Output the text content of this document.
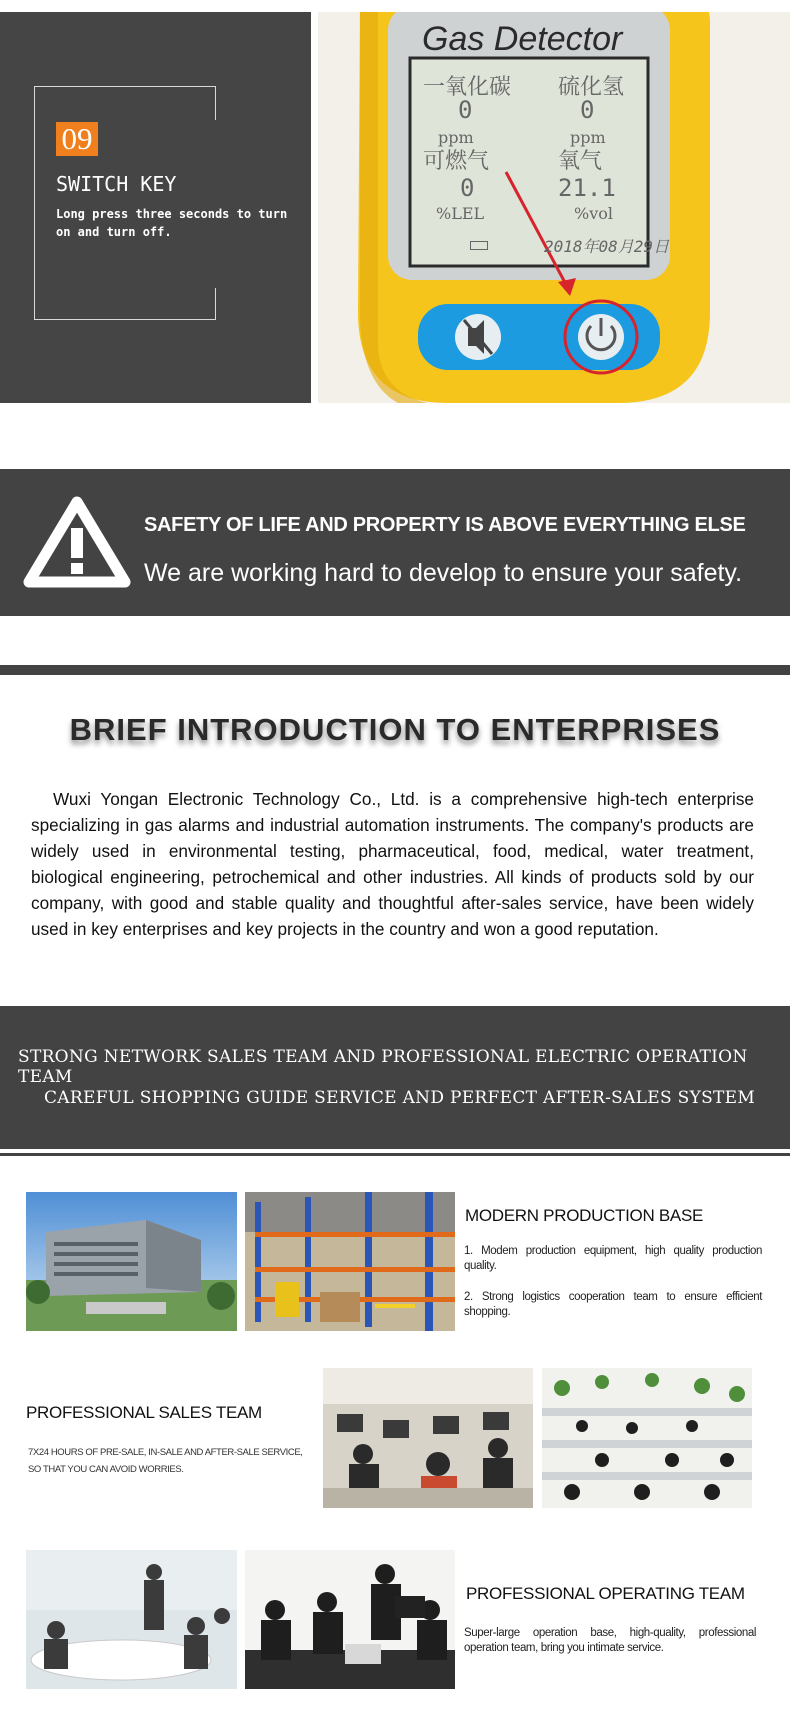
09
SWITCH KEY
Long press three seconds to turn on and turn off.
Gas Detector
一氧化碳 硫化氢
0	0
ppm	ppm
可燃气	氧气
0	21.1
%LEL	%vol
2018年08月29日
SAFETY OF LIFE AND PROPERTY IS ABOVE EVERYTHING ELSE
We are working hard to develop to ensure your safety.
BRIEF INTRODUCTION TO ENTERPRISES
Wuxi Yongan Electronic Technology Co., Ltd. is a comprehensive high-tech enterprise specializing in gas alarms and industrial automation instruments. The company's products are widely used in environmental testing, pharmaceutical, food, medical, water treatment, biological engineering, petrochemical and other industries. All kinds of products sold by our company, with good and stable quality and thoughtful after-sales service, have been widely used in key enterprises and key projects in the country and won a good reputation.
STRONG NETWORK SALES TEAM AND PROFESSIONAL ELECTRIC OPERATION TEAM
CAREFUL SHOPPING GUIDE SERVICE AND PERFECT AFTER-SALES SYSTEM
MODERN PRODUCTION BASE
1. Modem production equipment, high quality production quality.
2. Strong logistics cooperation team to ensure efficient shopping.
PROFESSIONAL SALES TEAM
7X24 HOURS OF PRE-SALE, IN-SALE AND AFTER-SALE SERVICE,
SO THAT YOU CAN AVOID WORRIES.
PROFESSIONAL OPERATING TEAM
Super-large operation base, high-quality, professional operation team, bring you intimate service.
